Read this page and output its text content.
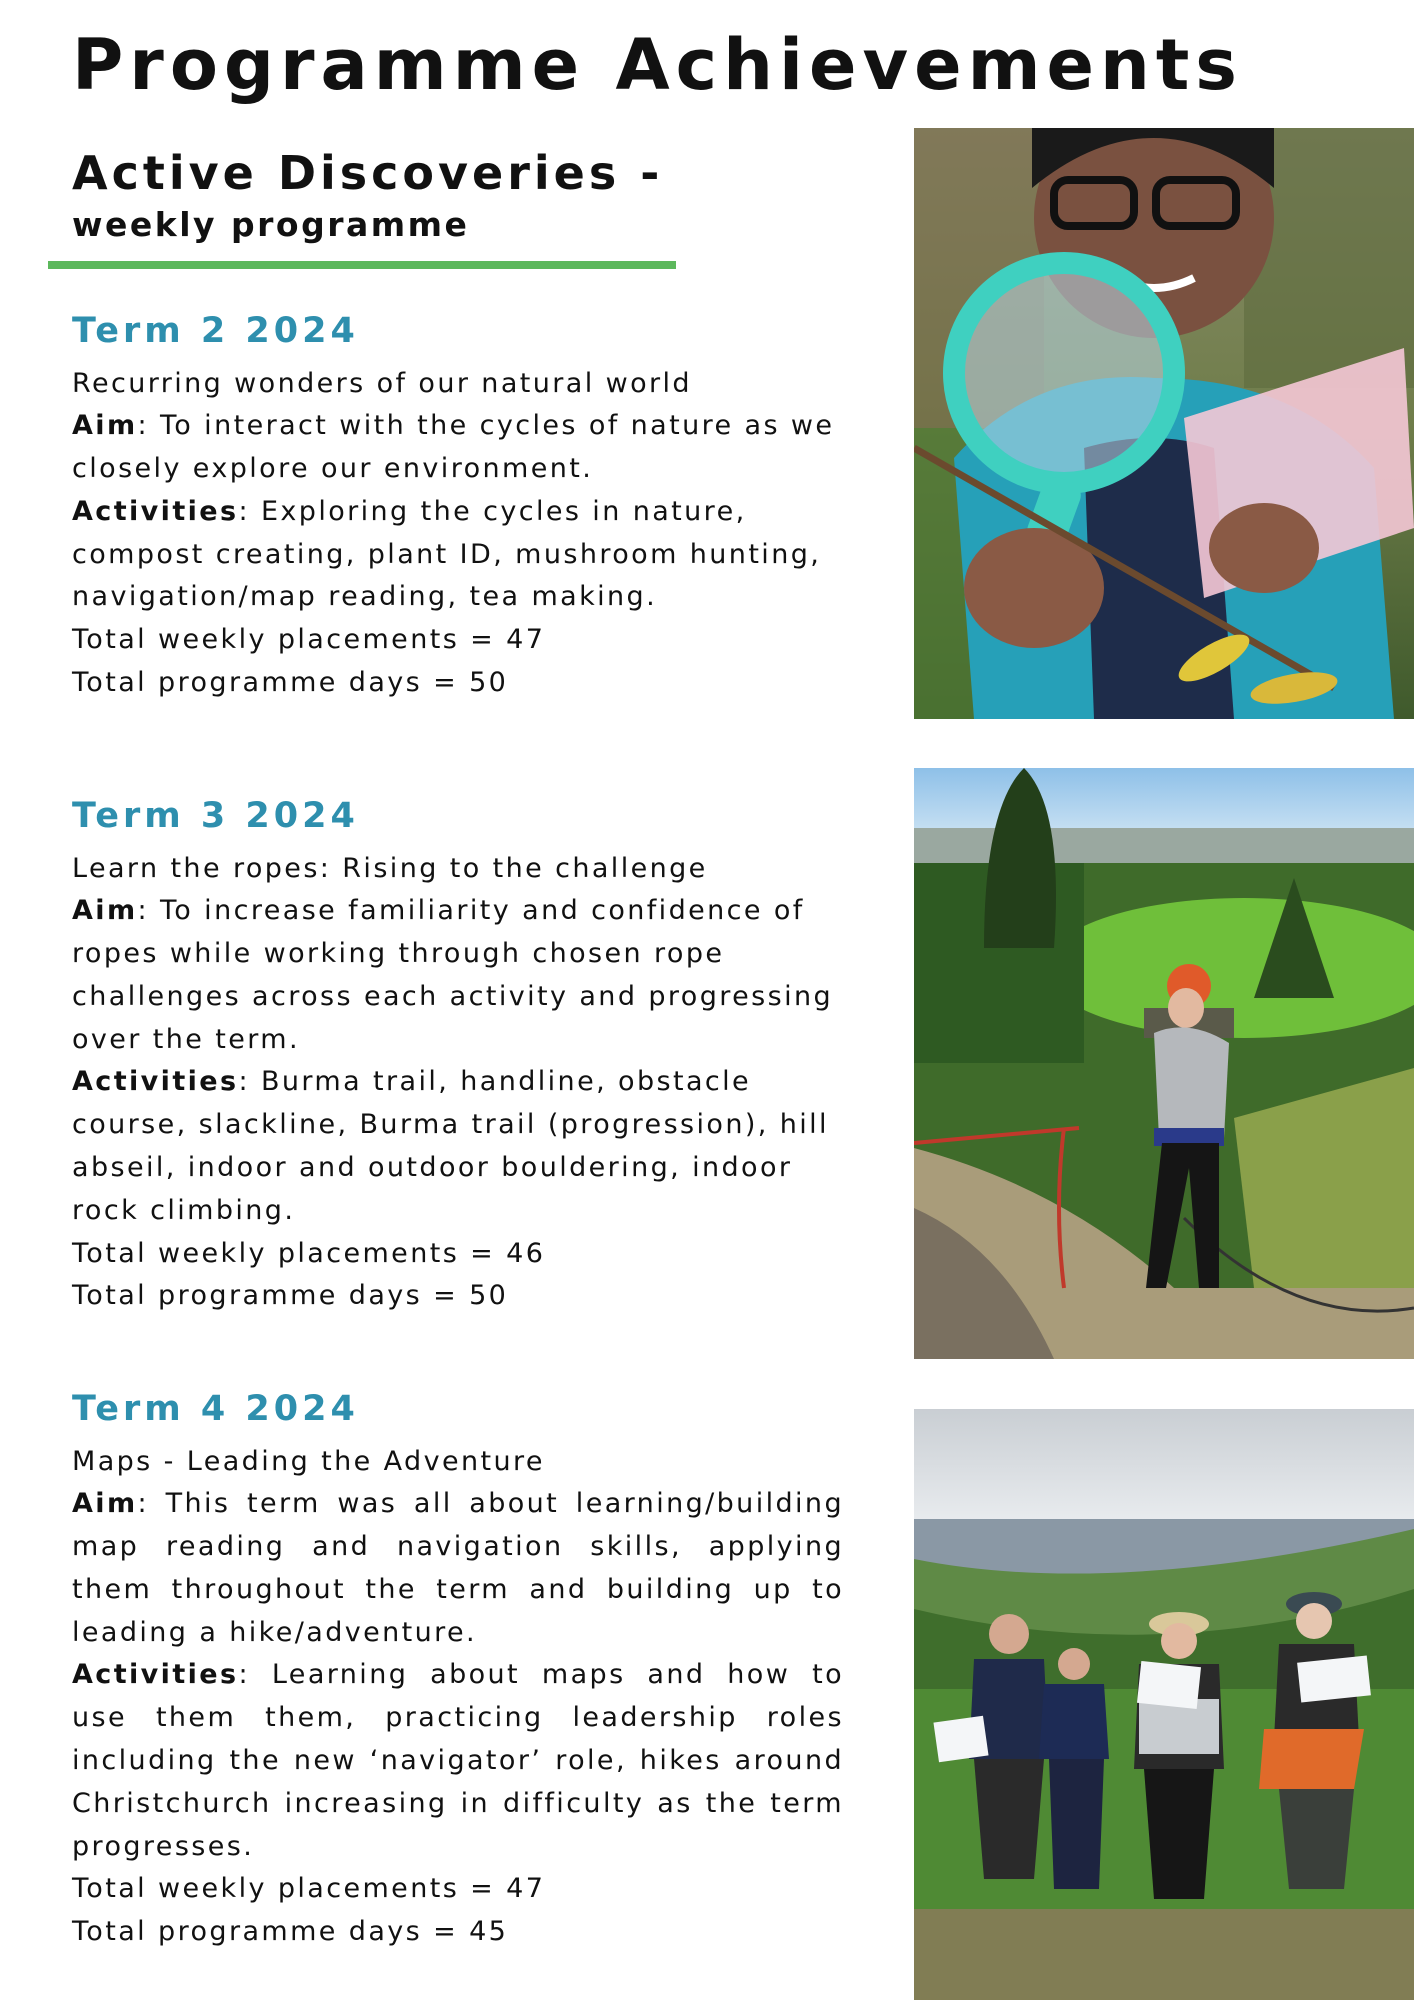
Programme Achievements
Active Discoveries -
weekly programme
Term 2 2024

Recurring wonders of our natural world

Aim: To interact with the cycles of nature as we closely explore our environment.

Activities: Exploring the cycles in nature, compost creating, plant ID, mushroom hunting, navigation/map reading, tea making.

Total weekly placements = 47

Total programme days = 50

Term 3 2024

Learn the ropes: Rising to the challenge

Aim: To increase familiarity and confidence of ropes while working through chosen rope challenges across each activity and progressing over the term.

Activities: Burma trail, handline, obstacle course, slackline, Burma trail (progression), hill abseil, indoor and outdoor bouldering, indoor rock climbing.

Total weekly placements = 46

Total programme days = 50

Term 4 2024

Maps - Leading the Adventure

Aim: This term was all about learning/building map reading and navigation skills, applying them throughout the term and building up to leading a hike/adventure.

Activities: Learning about maps and how to use them them, practicing leadership roles including the new ‘navigator’ role, hikes around Christchurch increasing in difficulty as the term progresses.

Total weekly placements = 47

Total programme days = 45
